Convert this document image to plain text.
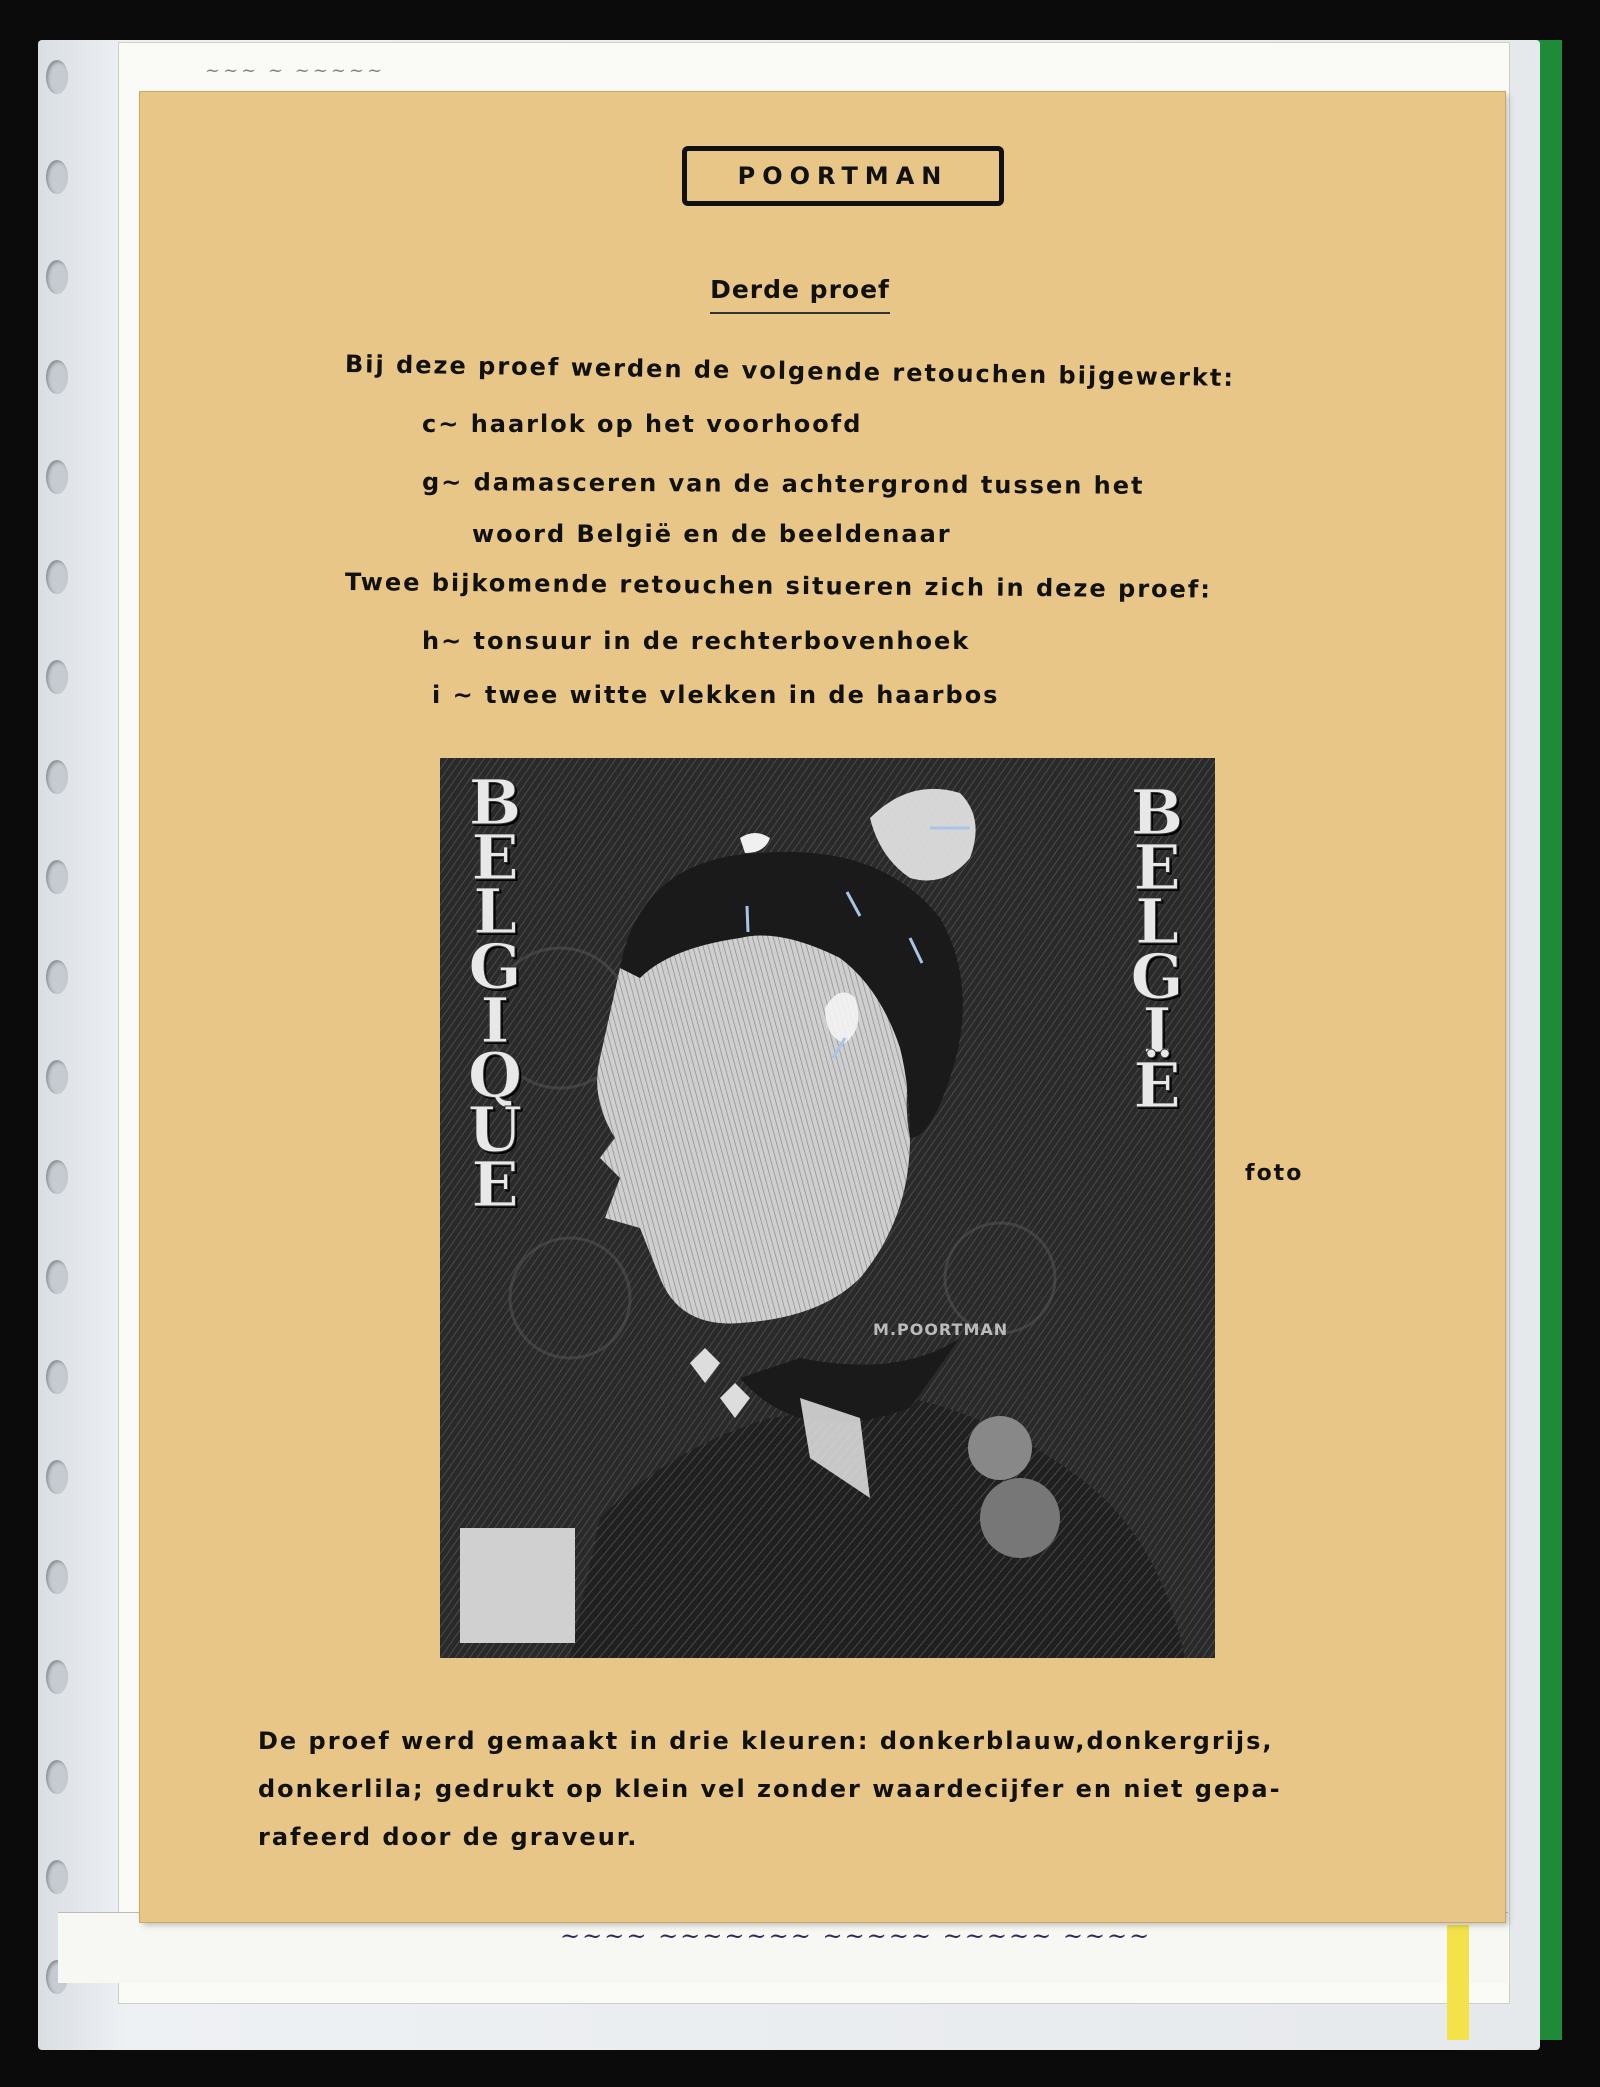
~~~ ~ ~~~~~
~~~~ ~~~~~~~ ~~~~~ ~~~~~ ~~~~
POORTMAN
Derde proef
Bij deze proef werden de volgende retouchen bijgewerkt:
c~ haarlok op het voorhoofd
g~ damasceren van de achtergrond tussen het
woord België en de beeldenaar
Twee bijkomende retouchen situeren zich in deze proef:
h~ tonsuur in de rechterbovenhoek
i ~ twee witte vlekken in de haarbos
BELGIQUE
BELGIË
M.POORTMAN
foto
De proef werd gemaakt in drie kleuren: donkerblauw,donkergrijs,
donkerlila; gedrukt op klein vel zonder waardecijfer en niet gepa-
rafeerd door de graveur.
